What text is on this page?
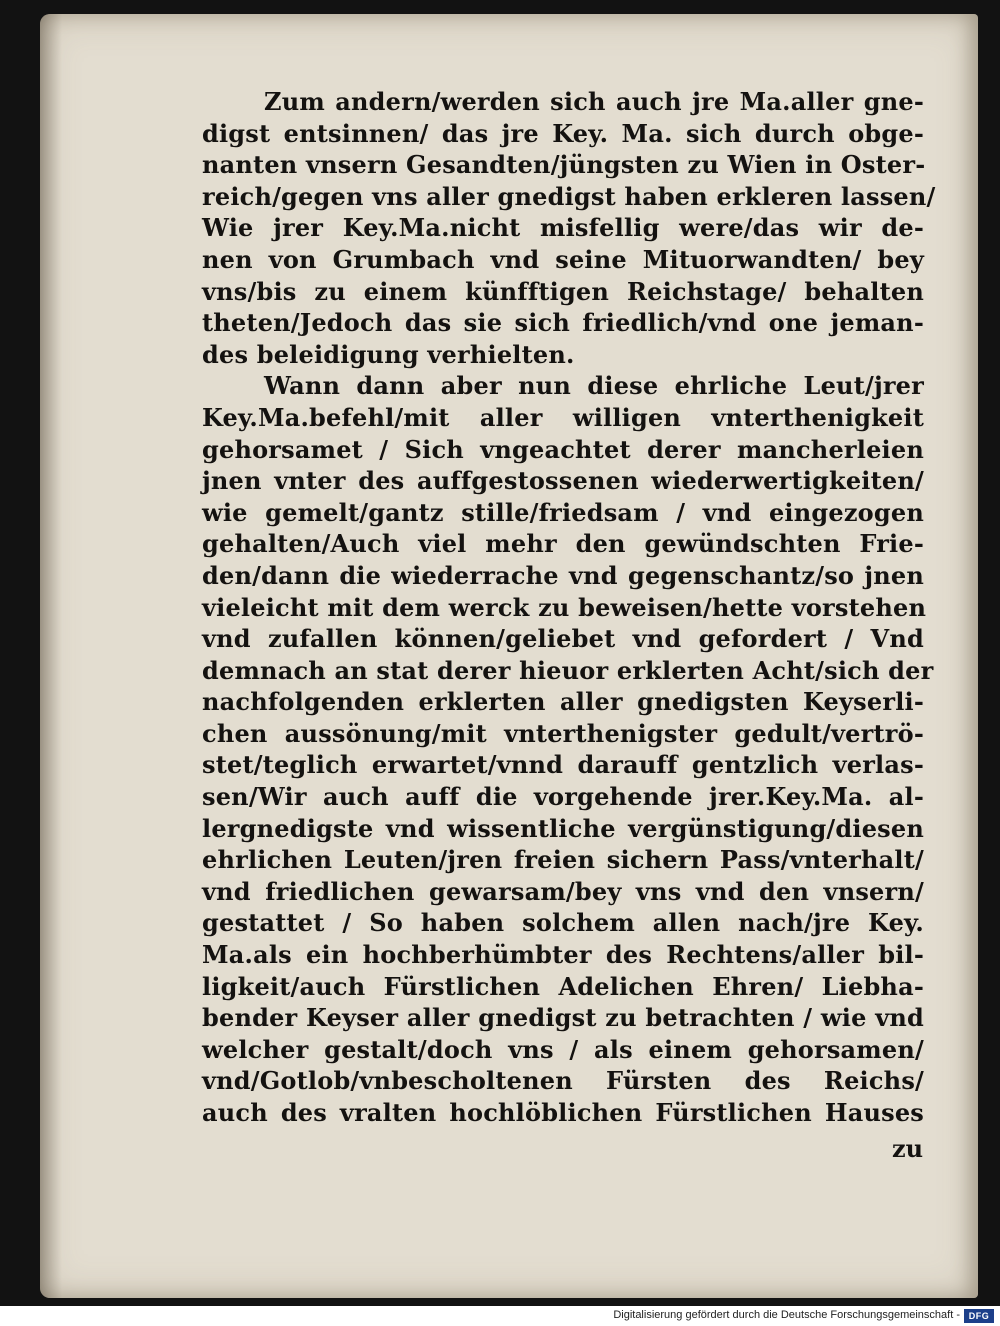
Zum andern/werden sich auch jre Ma.aller gne-
digst entsinnen/ das jre Key. Ma. sich durch obge-
nanten vnsern Gesandten/jüngsten zu Wien in Oster-
reich/gegen vns aller gnedigst haben erkleren lassen/
Wie jrer Key.Ma.nicht misfellig were/das wir de-
nen von Grumbach vnd seine Mituorwandten/ bey
vns/bis zu einem künfftigen Reichstage/ behalten
theten/Jedoch das sie sich friedlich/vnd one jeman-
des beleidigung verhielten.
Wann dann aber nun diese ehrliche Leut/jrer
Key.Ma.befehl/mit aller willigen vnterthenigkeit
gehorsamet / Sich vngeachtet derer mancherleien
jnen vnter des auffgestossenen wiederwertigkeiten/
wie gemelt/gantz stille/friedsam / vnd eingezogen
gehalten/Auch viel mehr den gewündschten Frie-
den/dann die wiederrache vnd gegenschantz/so jnen
vieleicht mit dem werck zu beweisen/hette vorstehen
vnd zufallen können/geliebet vnd gefordert / Vnd
demnach an stat derer hieuor erklerten Acht/sich der
nachfolgenden erklerten aller gnedigsten Keyserli-
chen aussönung/mit vnterthenigster gedult/vertrö-
stet/teglich erwartet/vnnd darauff gentzlich verlas-
sen/Wir auch auff die vorgehende jrer.Key.Ma. al-
lergnedigste vnd wissentliche vergünstigung/diesen
ehrlichen Leuten/jren freien sichern Pass/vnterhalt/
vnd friedlichen gewarsam/bey vns vnd den vnsern/
gestattet / So haben solchem allen nach/jre Key.
Ma.als ein hochberhümbter des Rechtens/aller bil-
ligkeit/auch Fürstlichen Adelichen Ehren/ Liebha-
bender Keyser aller gnedigst zu betrachten / wie vnd
welcher gestalt/doch vns / als einem gehorsamen/
vnd/Gotlob/vnbescholtenen Fürsten des Reichs/
auch des vralten hochlöblichen Fürstlichen Hauses
zu
Digitalisierung gefördert durch die Deutsche Forschungsgemeinschaft - DFG
